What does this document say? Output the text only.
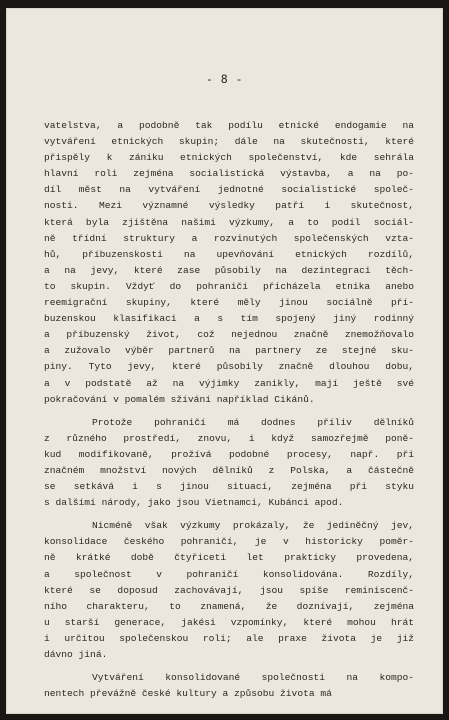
- 8 -
vatelstva, a podobně tak podílu etnické endogamie na
vytváření etnických skupin; dále na skutečnosti, které
přispěly k zániku etnických společenství, kde sehrála
hlavní roli zejména socialistická výstavba, a na po-
díl měst na vytváření jednotné socialistické společ-
nosti. Mezi významné výsledky patří i skutečnost,
která byla zjištěna našimi výzkumy, a to podíl sociál-
ně třídní struktury a rozvinutých společenských vzta-
hů, příbuzenskosti na upevňování etnických rozdílů,
a na jevy, které zase působily na dezintegraci těch-
to skupin. Vždyť do pohraničí přicházela etnika anebo
reemigrační skupiny, které měly jinou sociálně pří-
buzenskou klasifikaci a s tím spojený jiný rodinný
a příbuzenský život, což nejednou značně znemožňovalo
a zužovalo výběr partnerů na partnery ze stejné sku-
piny. Tyto jevy, které působily značně dlouhou dobu,
a v podstatě až na výjimky zanikly, mají ještě své
pokračování v pomalém sžívání například Cikánů.
Protože pohraničí má dodnes příliv dělníků
z různého prostředí, znovu, i když samozřejmě poně-
kud modifikovaně, prožívá podobné procesy, např. při
značném množství nových dělníků z Polska, a částečně
se setkává i s jinou situací, zejména při styku
s dalšími národy, jako jsou Vietnamci, Kubánci apod.
Nicméně však výzkumy prokázaly, že jediněčný jev,
konsolidace českého pohraničí, je v historicky poměr-
ně krátké době čtyřiceti let prakticky provedena,
a společnost v pohraničí konsolidována. Rozdíly,
které se doposud zachovávají, jsou spíše reminiscenč-
ního charakteru, to znamená, že doznívají, zejména
u starší generace, jakési vzpomínky, které mohou hrát
i určitou společenskou roli; ale praxe života je již
dávno jiná.
Vytváření konsolidované společnosti na kompo-
nentech převážně české kultury a způsobu života má
